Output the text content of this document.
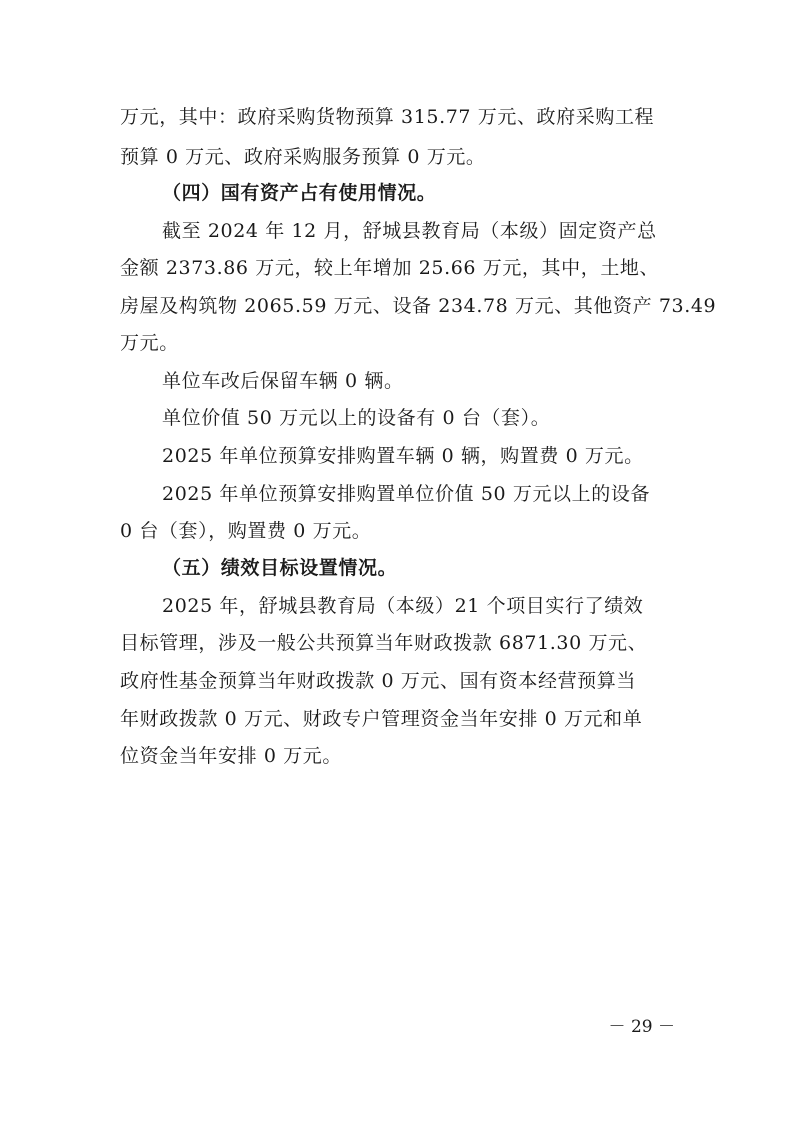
万元，其中：政府采购货物预算 315.77 万元、政府采购工程
预算 0 万元、政府采购服务预算 0 万元。
（四）国有资产占有使用情况。
截至 2024 年 12 月，舒城县教育局（本级）固定资产总
金额 2373.86 万元，较上年增加 25.66 万元，其中，土地、
房屋及构筑物 2065.59 万元、设备 234.78 万元、其他资产 73.49
万元。
单位车改后保留车辆 0 辆。
单位价值 50 万元以上的设备有 0 台（套）。
2025 年单位预算安排购置车辆 0 辆，购置费 0 万元。
2025 年单位预算安排购置单位价值 50 万元以上的设备
0 台（套），购置费 0 万元。
（五）绩效目标设置情况。
2025 年，舒城县教育局（本级）21 个项目实行了绩效
目标管理，涉及一般公共预算当年财政拨款 6871.30 万元、
政府性基金预算当年财政拨款 0 万元、国有资本经营预算当
年财政拨款 0 万元、财政专户管理资金当年安排 0 万元和单
位资金当年安排 0 万元。
－ 29 －
